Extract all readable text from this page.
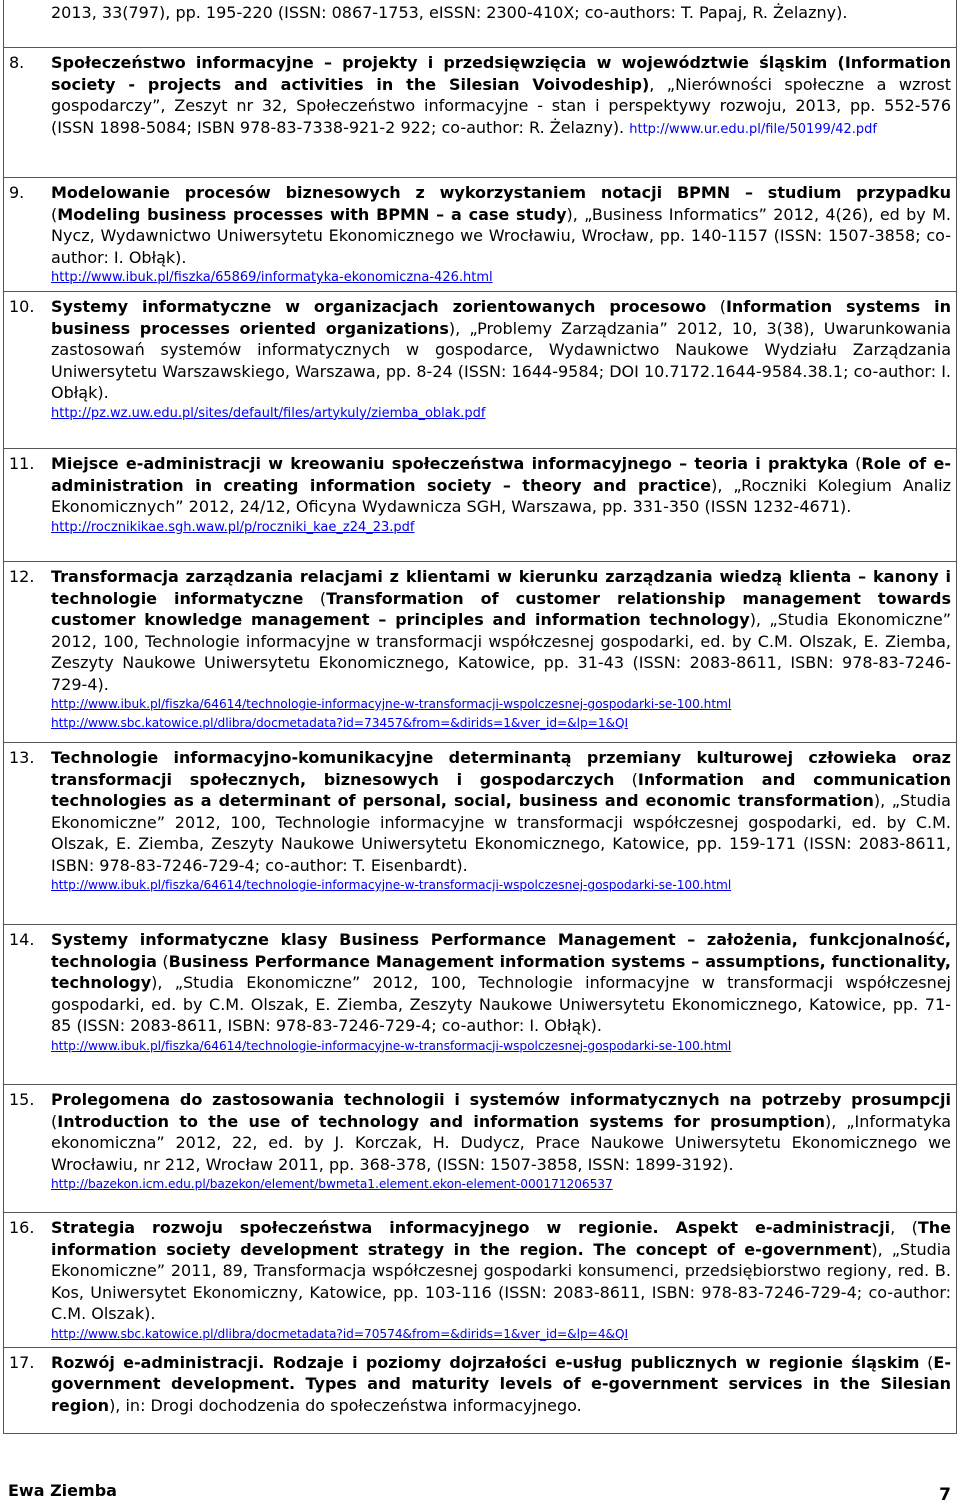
2013, 33(797), pp. 195-220 (ISSN: 0867-1753, eISSN: 2300-410X; co-authors: T. Papaj, R. Żelazny).

8. Społeczeństwo informacyjne – projekty i przedsięwzięcia w województwie śląskim (Information society - projects and activities in the Silesian Voivodeship), „Nierówności społeczne a wzrost gospodarczy”, Zeszyt nr 32, Społeczeństwo informacyjne - stan i perspektywy rozwoju, 2013, pp. 552-576 (ISSN 1898-5084; ISBN 978-83-7338-921-2 922; co-author: R. Żelazny). http://www.ur.edu.pl/file/50199/42.pdf

9. Modelowanie procesów biznesowych z wykorzystaniem notacji BPMN – studium przypadku (Modeling business processes with BPMN – a case study), „Business Informatics” 2012, 4(26), ed by M. Nycz, Wydawnictwo Uniwersytetu Ekonomicznego we Wrocławiu, Wrocław, pp. 140-1157 (ISSN: 1507-3858; co-author: I. Obłąk).
http://www.ibuk.pl/fiszka/65869/informatyka-ekonomiczna-426.html

10. Systemy informatyczne w organizacjach zorientowanych procesowo (Information systems in business processes oriented organizations), „Problemy Zarządzania” 2012, 10, 3(38), Uwarunkowania zastosowań systemów informatycznych w gospodarce, Wydawnictwo Naukowe Wydziału Zarządzania Uniwersytetu Warszawskiego, Warszawa, pp. 8-24 (ISSN: 1644-9584; DOI 10.7172.1644-9584.38.1; co-author: I. Obłąk).
http://pz.wz.uw.edu.pl/sites/default/files/artykuly/ziemba_oblak.pdf

11. Miejsce e-administracji w kreowaniu społeczeństwa informacyjnego – teoria i praktyka (Role of e-administration in creating information society – theory and practice), „Roczniki Kolegium Analiz Ekonomicznych” 2012, 24/12, Oficyna Wydawnicza SGH, Warszawa, pp. 331-350 (ISSN 1232-4671).
http://rocznikikae.sgh.waw.pl/p/roczniki_kae_z24_23.pdf

12. Transformacja zarządzania relacjami z klientami w kierunku zarządzania wiedzą klienta – kanony i technologie informatyczne (Transformation of customer relationship management towards customer knowledge management – principles and information technology), „Studia Ekonomiczne” 2012, 100, Technologie informacyjne w transformacji współczesnej gospodarki, ed. by C.M. Olszak, E. Ziemba, Zeszyty Naukowe Uniwersytetu Ekonomicznego, Katowice, pp. 31-43 (ISSN: 2083-8611, ISBN: 978-83-7246-729-4).
http://www.ibuk.pl/fiszka/64614/technologie-informacyjne-w-transformacji-wspolczesnej-gospodarki-se-100.html
http://www.sbc.katowice.pl/dlibra/docmetadata?id=73457&from=&dirids=1&ver_id=&lp=1&QI

13. Technologie informacyjno-komunikacyjne determinantą przemiany kulturowej człowieka oraz transformacji społecznych, biznesowych i gospodarczych (Information and communication technologies as a determinant of personal, social, business and economic transformation), „Studia Ekonomiczne” 2012, 100, Technologie informacyjne w transformacji współczesnej gospodarki, ed. by C.M. Olszak, E. Ziemba, Zeszyty Naukowe Uniwersytetu Ekonomicznego, Katowice, pp. 159-171 (ISSN: 2083-8611, ISBN: 978-83-7246-729-4; co-author: T. Eisenbardt).
http://www.ibuk.pl/fiszka/64614/technologie-informacyjne-w-transformacji-wspolczesnej-gospodarki-se-100.html

14. Systemy informatyczne klasy Business Performance Management – założenia, funkcjonalność, technologia (Business Performance Management information systems – assumptions, functionality, technology), „Studia Ekonomiczne” 2012, 100, Technologie informacyjne w transformacji współczesnej gospodarki, ed. by C.M. Olszak, E. Ziemba, Zeszyty Naukowe Uniwersytetu Ekonomicznego, Katowice, pp. 71-85 (ISSN: 2083-8611, ISBN: 978-83-7246-729-4; co-author: I. Obłąk).
http://www.ibuk.pl/fiszka/64614/technologie-informacyjne-w-transformacji-wspolczesnej-gospodarki-se-100.html

15. Prolegomena do zastosowania technologii i systemów informatycznych na potrzeby prosumpcji (Introduction to the use of technology and information systems for prosumption), „Informatyka ekonomiczna” 2012, 22, ed. by J. Korczak, H. Dudycz, Prace Naukowe Uniwersytetu Ekonomicznego we Wrocławiu, nr 212, Wrocław 2011, pp. 368-378, (ISSN: 1507-3858, ISSN: 1899-3192).
http://bazekon.icm.edu.pl/bazekon/element/bwmeta1.element.ekon-element-000171206537

16. Strategia rozwoju społeczeństwa informacyjnego w regionie. Aspekt e-administracji, (The information society development strategy in the region. The concept of e-government), „Studia Ekonomiczne” 2011, 89, Transformacja współczesnej gospodarki konsumenci, przedsiębiorstwo regiony, red. B. Kos, Uniwersytet Ekonomiczny, Katowice, pp. 103-116 (ISSN: 2083-8611, ISBN: 978-83-7246-729-4; co-author: C.M. Olszak).
http://www.sbc.katowice.pl/dlibra/docmetadata?id=70574&from=&dirids=1&ver_id=&lp=4&QI

17. Rozwój e-administracji. Rodzaje i poziomy dojrzałości e-usług publicznych w regionie śląskim (E-government development. Types and maturity levels of e-government services in the Silesian region), in: Drogi dochodzenia do społeczeństwa informacyjnego.
Ewa Ziemba	7
